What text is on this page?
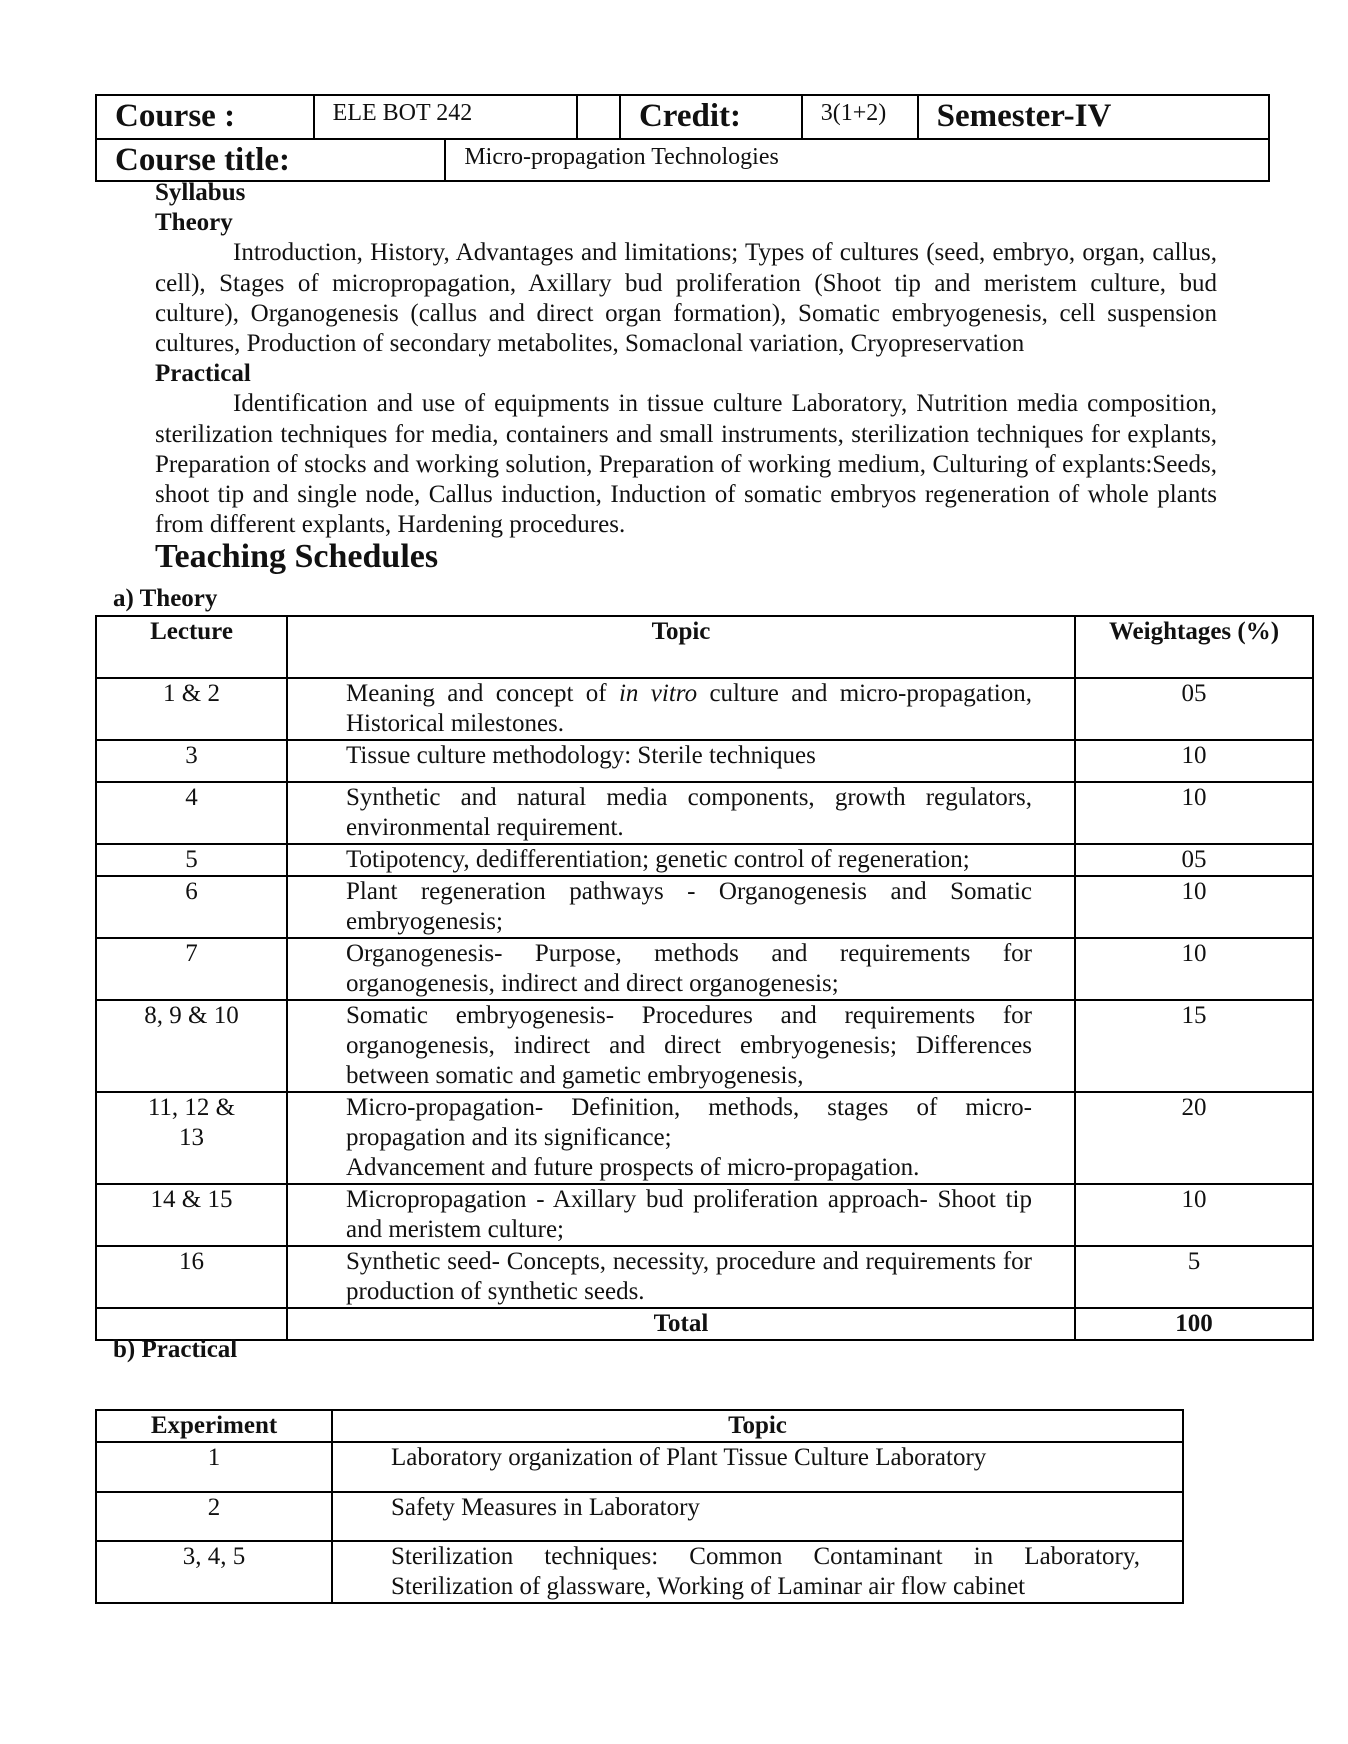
Course :	ELE BOT 242			Credit:	3(1+2)	Semester-IV
Course title:		Micro-propagation Technologies				
Syllabus
Theory

Introduction, History, Advantages and limitations; Types of cultures (seed, embryo, organ, callus, cell), Stages of micropropagation, Axillary bud proliferation (Shoot tip and meristem culture, bud culture), Organogenesis (callus and direct organ formation), Somatic embryogenesis, cell suspension cultures, Production of secondary metabolites, Somaclonal variation, Cryopreservation

Practical

Identification and use of equipments in tissue culture Laboratory, Nutrition media composition, sterilization techniques for media, containers and small instruments, sterilization techniques for explants, Preparation of stocks and working solution, Preparation of working medium, Culturing of explants:Seeds, shoot tip and single node, Callus induction, Induction of somatic embryos regeneration of whole plants from different explants, Hardening procedures.

Teaching Schedules
a) Theory
Lecture	Topic	Weightages (%)
1 & 2	Meaning and concept of in vitro culture and micro-propagation, Historical milestones.	05
3	Tissue culture methodology: Sterile techniques	10
4	Synthetic and natural media components, growth regulators, environmental requirement.	10
5	Totipotency, dedifferentiation; genetic control of regeneration;	05
6	Plant regeneration pathways - Organogenesis and Somatic embryogenesis;	10
7	Organogenesis- Purpose, methods and requirements for organogenesis, indirect and direct organogenesis;	10
8, 9 & 10	Somatic embryogenesis- Procedures and requirements for organogenesis, indirect and direct embryogenesis; Differences between somatic and gametic embryogenesis,	15
11, 12 & 13	Micro-propagation- Definition, methods, stages of micro-propagation and its significance;
Advancement and future prospects of micro-propagation.	20
14 & 15	Micropropagation - Axillary bud proliferation approach- Shoot tip and meristem culture;	10
16	Synthetic seed- Concepts, necessity, procedure and requirements for production of synthetic seeds.	5
	Total	100
b) Practical
Experiment	Topic
1	Laboratory organization of Plant Tissue Culture Laboratory
2	Safety Measures in Laboratory
3, 4, 5	Sterilization techniques: Common Contaminant in Laboratory, Sterilization of glassware, Working of Laminar air flow cabinet
